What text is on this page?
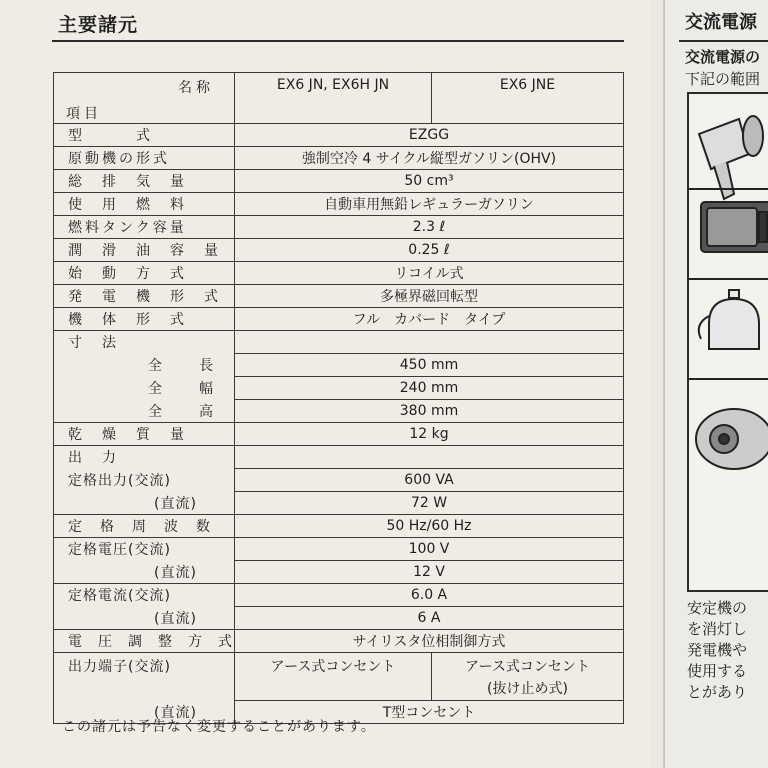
主要諸元
名称
項目	EX6 JN, EX6H JN	EX6 JNE
型　　　式	EZGG	
原動機の形式	強制空冷 4 サイクル縦型ガソリン(OHV)	
総　排　気　量	50 cm³	
使　用　燃　料	自動車用無鉛レギュラーガソリン	
燃料タンク容量	2.3 ℓ	
潤　滑　油　容　量	0.25 ℓ	
始　動　方　式	リコイル式	
発　電　機　形　式	多極界磁回転型	
機　体　形　式	フル　カバード　タイプ	
寸　法		
全　　長	450 mm	
全　　幅	240 mm	
全　　高	380 mm	
乾　燥　質　量	12 kg	
出　力		
定格出力(交流)	600 VA	
(直流)	72 W	
定　格　周　波　数	50 Hz/60 Hz	
定格電圧(交流)	100 V	
(直流)	12 V	
定格電流(交流)	6.0 A	
(直流)	6 A	
電　圧　調　整　方　式	サイリスタ位相制御方式	
出力端子(交流)	アース式コンセント	アース式コンセント
(抜け止め式)
(直流)	T型コンセント	
この諸元は予告なく変更することがあります。
交流電源
交流電源の
下記の範囲
安定機の
を消灯し
発電機や
使用する
とがあり
